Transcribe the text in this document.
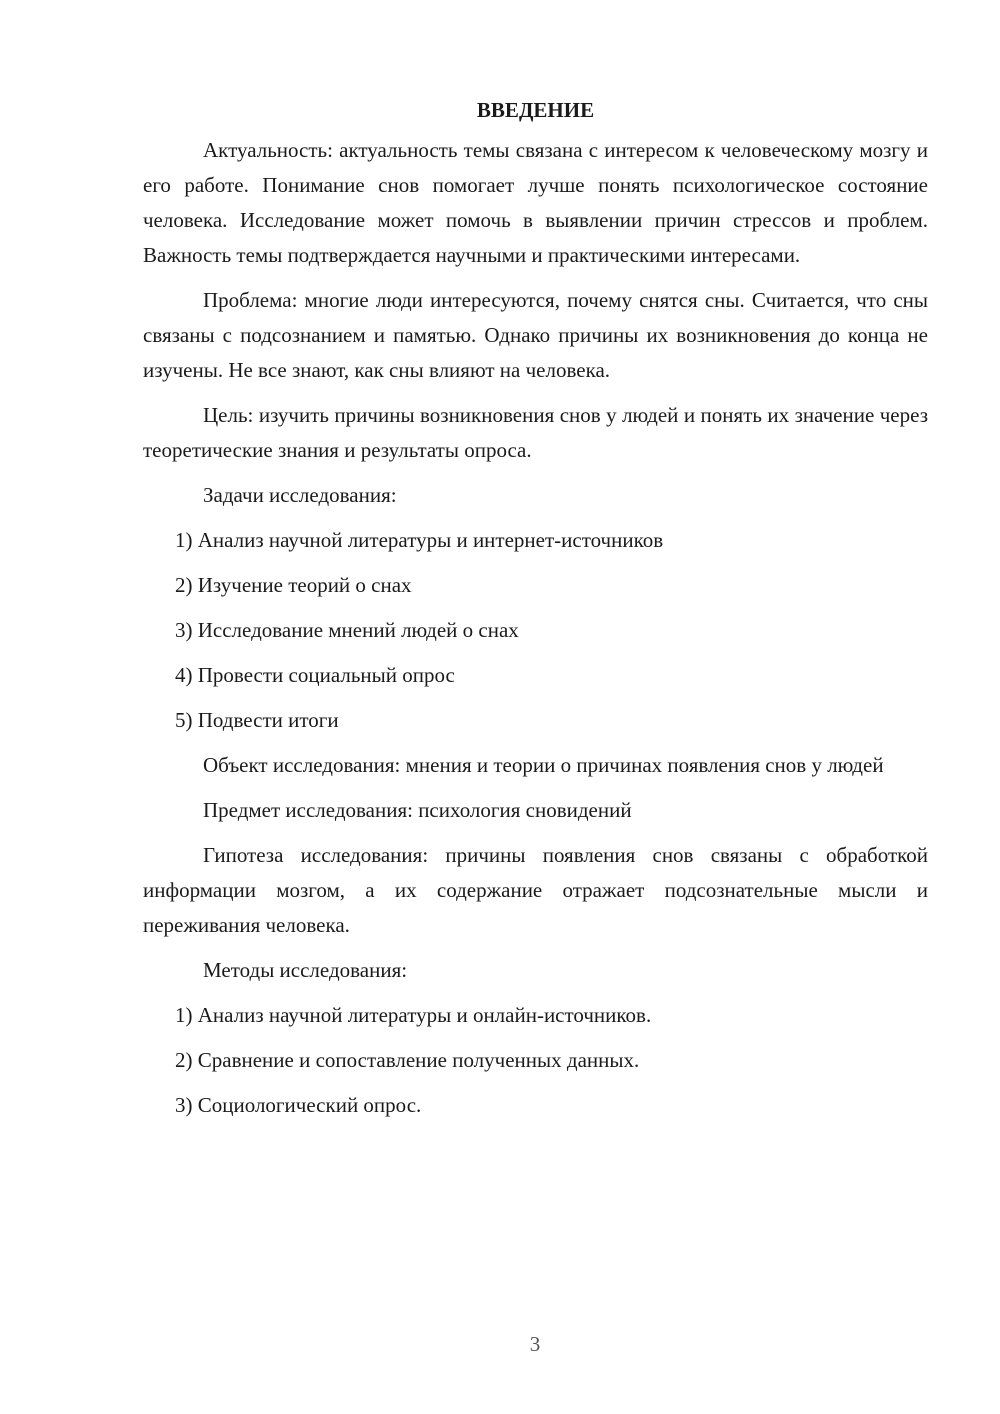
ВВЕДЕНИЕ
Актуальность: актуальность темы связана с интересом к человеческому мозгу и его работе. Понимание снов помогает лучше понять психологическое состояние человека. Исследование может помочь в выявлении причин стрессов и проблем. Важность темы подтверждается научными и практическими интересами.
Проблема: многие люди интересуются, почему снятся сны. Считается, что сны связаны с подсознанием и памятью. Однако причины их возникновения до конца не изучены. Не все знают, как сны влияют на человека.
Цель: изучить причины возникновения снов у людей и понять их значение через теоретические знания и результаты опроса.
Задачи исследования:
1) Анализ научной литературы и интернет-источников
2) Изучение теорий о снах
3) Исследование мнений людей о снах
4) Провести социальный опрос
5) Подвести итоги
Объект исследования: мнения и теории о причинах появления снов у людей
Предмет исследования: психология сновидений
Гипотеза исследования: причины появления снов связаны с обработкой информации мозгом, а их содержание отражает подсознательные мысли и переживания человека.
Методы исследования:
1) Анализ научной литературы и онлайн-источников.
2) Сравнение и сопоставление полученных данных.
3) Социологический опрос.
3
